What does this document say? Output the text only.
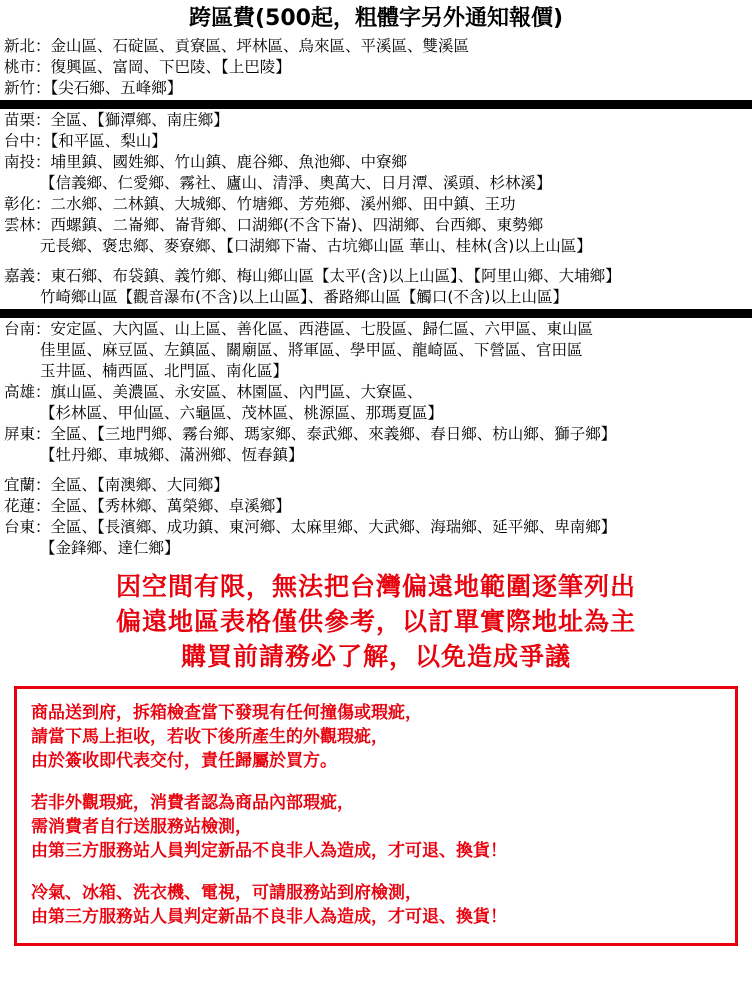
跨區費(500起，粗體字另外通知報價)
新北：金山區、石碇區、貢寮區、坪林區、烏來區、平溪區、雙溪區
桃市：復興區、富岡、下巴陵、【上巴陵】
新竹：【尖石鄉、五峰鄉】
苗栗：全區、【獅潭鄉、南庄鄉】
台中：【和平區、梨山】
南投：埔里鎮、國姓鄉、竹山鎮、鹿谷鄉、魚池鄉、中寮鄉
【信義鄉、仁愛鄉、霧社、廬山、清淨、奧萬大、日月潭、溪頭、杉林溪】
彰化：二水鄉、二林鎮、大城鄉、竹塘鄉、芳苑鄉、溪州鄉、田中鎮、王功
雲林：西螺鎮、二崙鄉、崙背鄉、口湖鄉(不含下崙)、四湖鄉、台西鄉、東勢鄉
元長鄉、褒忠鄉、麥寮鄉、【口湖鄉下崙、古坑鄉山區 華山、桂林(含)以上山區】
嘉義：東石鄉、布袋鎮、義竹鄉、梅山鄉山區【太平(含)以上山區】、【阿里山鄉、大埔鄉】
竹崎鄉山區【觀音瀑布(不含)以上山區】、番路鄉山區【觸口(不含)以上山區】
台南：安定區、大內區、山上區、善化區、西港區、七股區、歸仁區、六甲區、東山區
佳里區、麻豆區、左鎮區、關廟區、將軍區、學甲區、龍崎區、下營區、官田區
玉井區、楠西區、北門區、南化區】
高雄：旗山區、美濃區、永安區、林園區、內門區、大寮區、
【杉林區、甲仙區、六龜區、茂林區、桃源區、那瑪夏區】
屏東：全區、【三地門鄉、霧台鄉、瑪家鄉、泰武鄉、來義鄉、春日鄉、枋山鄉、獅子鄉】
【牡丹鄉、車城鄉、滿洲鄉、恆春鎮】
宜蘭：全區、【南澳鄉、大同鄉】
花蓮：全區、【秀林鄉、萬榮鄉、卓溪鄉】
台東：全區、【長濱鄉、成功鎮、東河鄉、太麻里鄉、大武鄉、海瑞鄉、延平鄉、卑南鄉】
【金鋒鄉、達仁鄉】
因空間有限，無法把台灣偏遠地範圍逐筆列出
偏遠地區表格僅供參考，以訂單實際地址為主
購買前請務必了解，以免造成爭議

商品送到府，拆箱檢查當下發現有任何撞傷或瑕疵，

請當下馬上拒收，若收下後所產生的外觀瑕疵，

由於簽收即代表交付，責任歸屬於買方。

若非外觀瑕疵，消費者認為商品內部瑕疵，

需消費者自行送服務站檢測，

由第三方服務站人員判定新品不良非人為造成，才可退、換貨！

冷氣、冰箱、洗衣機、電視，可請服務站到府檢測，

由第三方服務站人員判定新品不良非人為造成，才可退、換貨！
